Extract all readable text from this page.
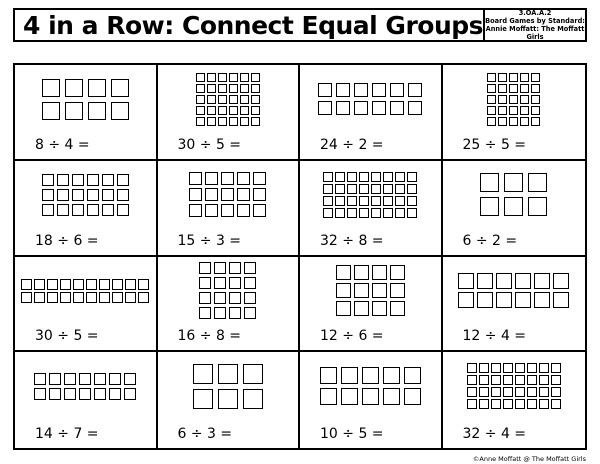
4 in a Row: Connect Equal Groups	3.OA.A.2
Board Games by Standard:
Annie Moffatt: The Moffatt Girls
8 ÷ 4 =	30 ÷ 5 =	24 ÷ 2 =	25 ÷ 5 =
18 ÷ 6 =	15 ÷ 3 =	32 ÷ 8 =	6 ÷ 2 =
30 ÷ 5 =	16 ÷ 8 =	12 ÷ 6 =	12 ÷ 4 =
14 ÷ 7 =	6 ÷ 3 =	10 ÷ 5 =	32 ÷ 4 =
©Anne Moffatt @ The Moffatt Girls
